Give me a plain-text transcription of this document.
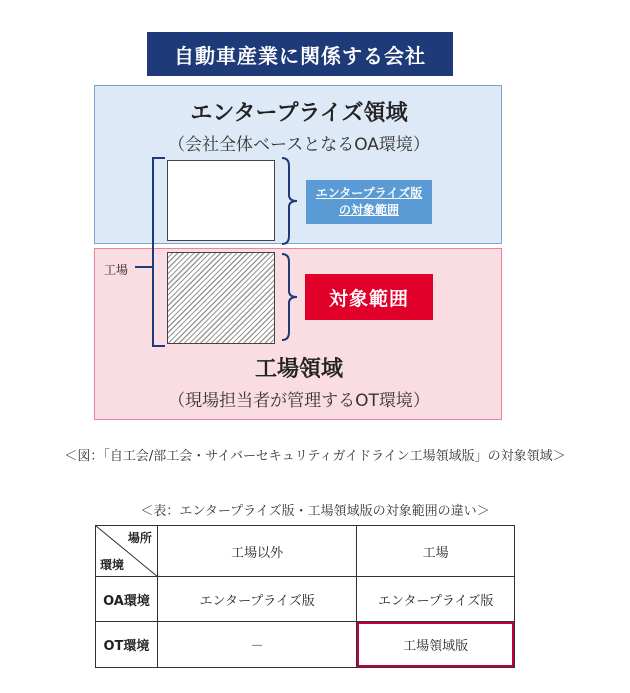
自動車産業に関係する会社
エンタープライズ領域
（会社全体ベースとなるOA環境）
工場領域
（現場担当者が管理するOT環境）
工場
エンタープライズ版
の対象範囲
対象範囲
＜図：「自工会/部工会・サイバーセキュリティガイドライン工場領域版」の対象領域＞
＜表：エンタープライズ版・工場領域版の対象範囲の違い＞
場所
環境	工場以外	工場
OA環境	エンタープライズ版	エンタープライズ版
OT環境	－	工場領域版
